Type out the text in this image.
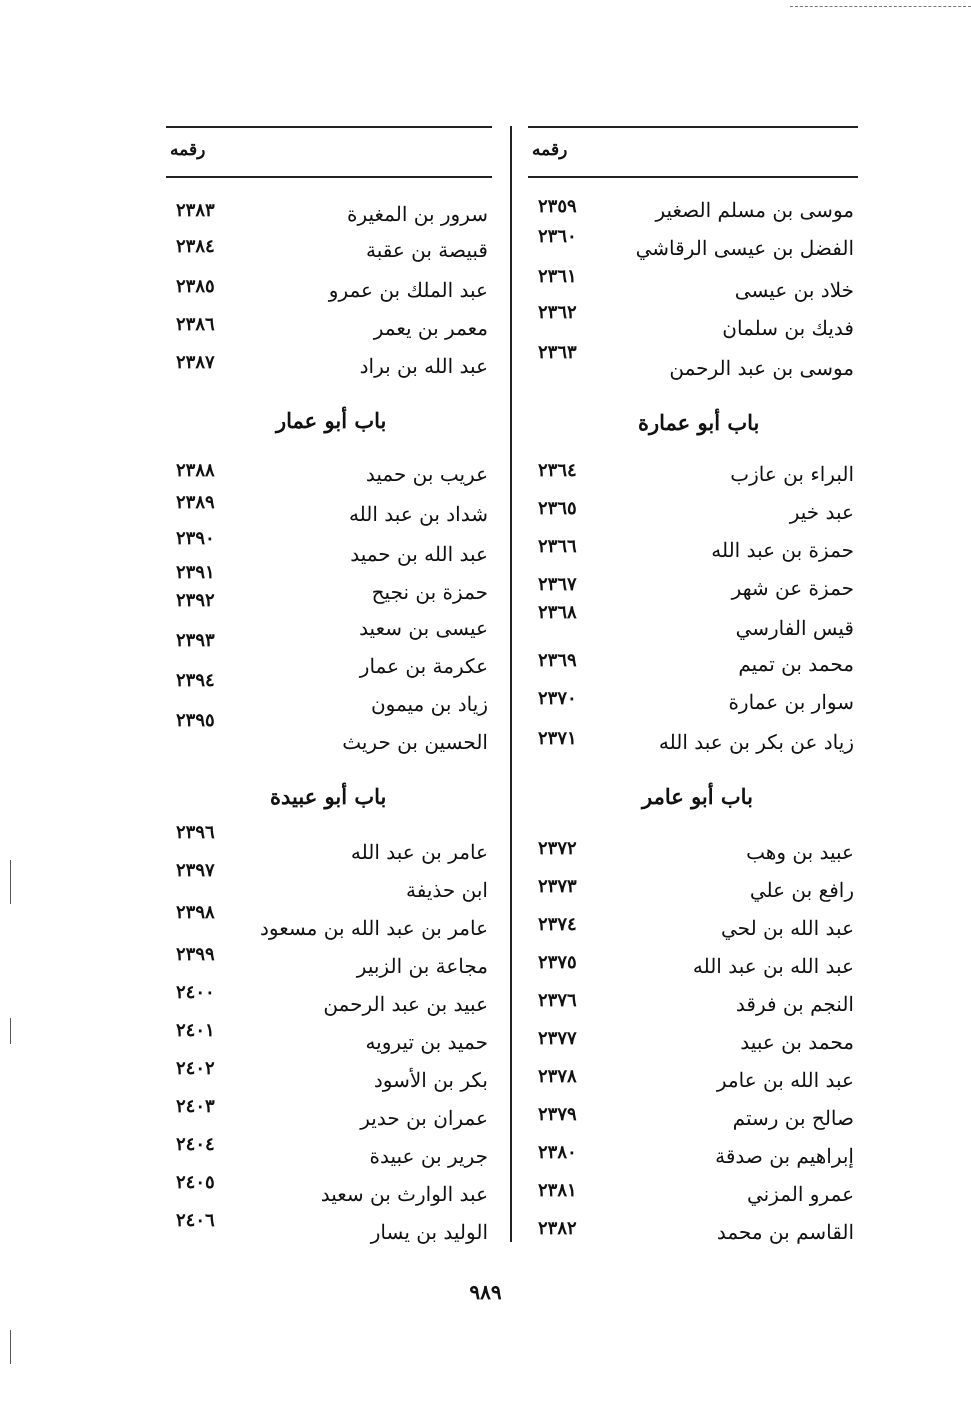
رقمه
موسى بن مسلم الصغير
٢٣٥٩
الفضل بن عيسى الرقاشي
٢٣٦٠
خلاد بن عيسى
٢٣٦١
فديك بن سلمان
٢٣٦٢
موسى بن عبد الرحمن
٢٣٦٣
باب أبو عمارة
البراء بن عازب
٢٣٦٤
عبد خير
٢٣٦٥
حمزة بن عبد الله
٢٣٦٦
حمزة عن شهر
٢٣٦٧
قيس الفارسي
٢٣٦٨
محمد بن تميم
٢٣٦٩
سوار بن عمارة
٢٣٧٠
زياد عن بكر بن عبد الله
٢٣٧١
باب أبو عامر
عبيد بن وهب
٢٣٧٢
رافع بن علي
٢٣٧٣
عبد الله بن لحي
٢٣٧٤
عبد الله بن عبد الله
٢٣٧٥
النجم بن فرقد
٢٣٧٦
محمد بن عبيد
٢٣٧٧
عبد الله بن عامر
٢٣٧٨
صالح بن رستم
٢٣٧٩
إبراهيم بن صدقة
٢٣٨٠
عمرو المزني
٢٣٨١
القاسم بن محمد
٢٣٨٢
رقمه
سرور بن المغيرة
٢٣٨٣
قبيصة بن عقبة
٢٣٨٤
عبد الملك بن عمرو
٢٣٨٥
معمر بن يعمر
٢٣٨٦
عبد الله بن براد
٢٣٨٧
باب أبو عمار
عريب بن حميد
٢٣٨٨
شداد بن عبد الله
٢٣٨٩
عبد الله بن حميد
٢٣٩٠
حمزة بن نجيح
٢٣٩١
عيسى بن سعيد
٢٣٩٢
عكرمة بن عمار
٢٣٩٣
زياد بن ميمون
٢٣٩٤
الحسين بن حريث
٢٣٩٥
باب أبو عبيدة
عامر بن عبد الله
٢٣٩٦
ابن حذيفة
٢٣٩٧
عامر بن عبد الله بن مسعود
٢٣٩٨
مجاعة بن الزبير
٢٣٩٩
عبيد بن عبد الرحمن
٢٤٠٠
حميد بن تيرويه
٢٤٠١
بكر بن الأسود
٢٤٠٢
عمران بن حدير
٢٤٠٣
جرير بن عبيدة
٢٤٠٤
عبد الوارث بن سعيد
٢٤٠٥
الوليد بن يسار
٢٤٠٦
٩٨٩
